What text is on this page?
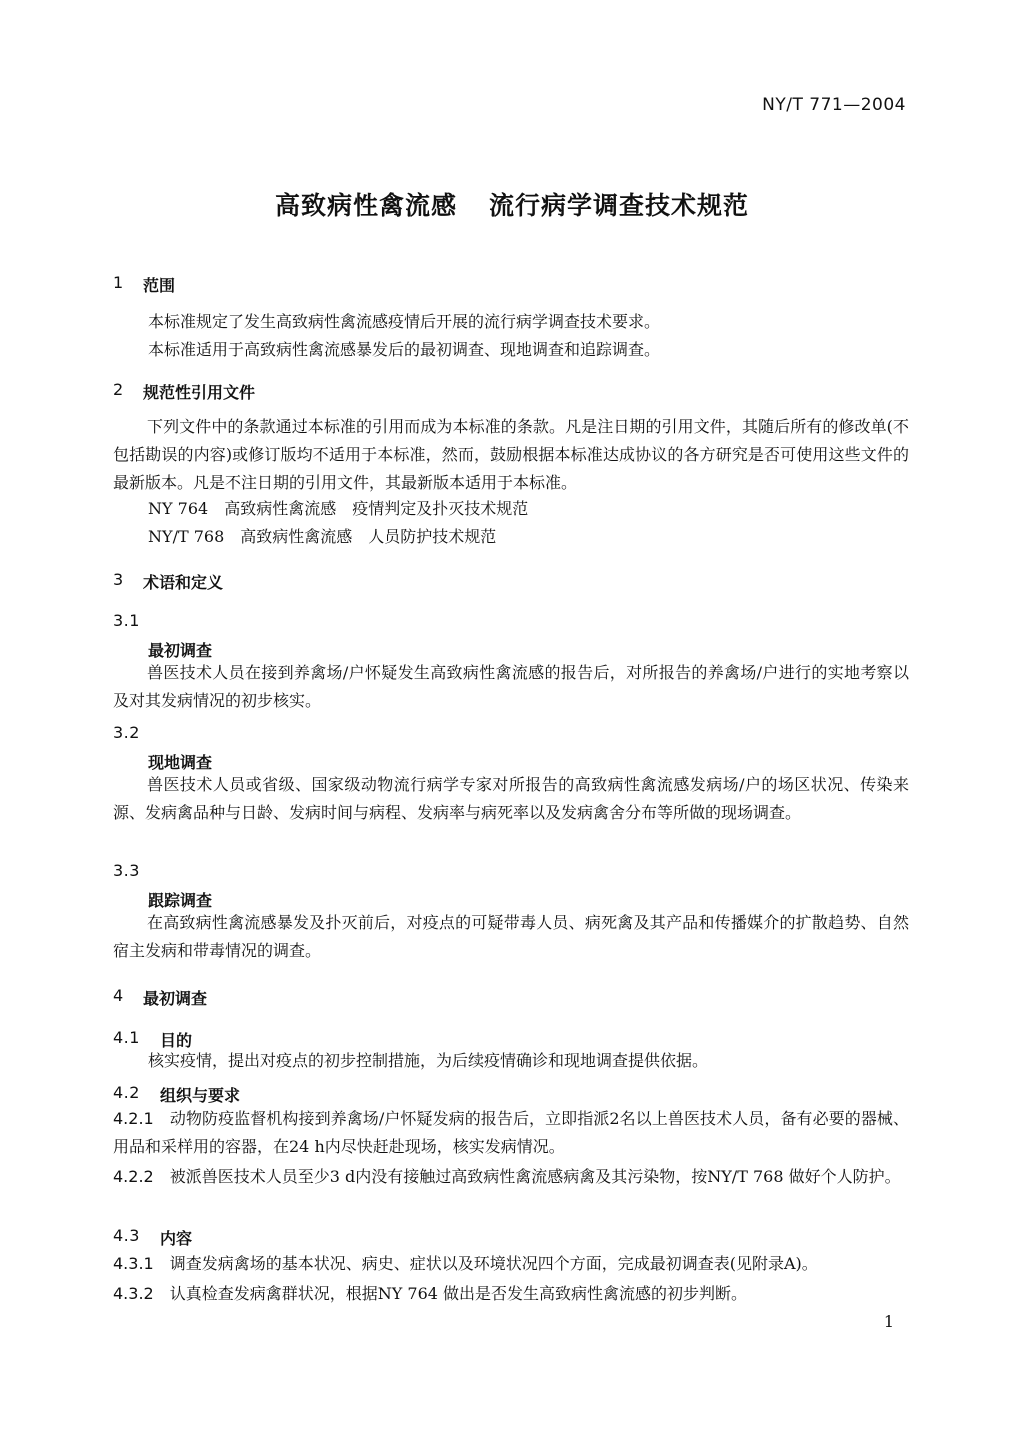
NY/T 771—2004
高致病性禽流感 流行病学调查技术规范
1 范围
本标准规定了发生高致病性禽流感疫情后开展的流行病学调查技术要求。
本标准适用于高致病性禽流感暴发后的最初调查、现地调查和追踪调查。
2 规范性引用文件
下列文件中的条款通过本标准的引用而成为本标准的条款。凡是注日期的引用文件，其随后所有的修改单(不包括勘误的内容)或修订版均不适用于本标准，然而，鼓励根据本标准达成协议的各方研究是否可使用这些文件的最新版本。凡是不注日期的引用文件，其最新版本适用于本标准。
NY 764　高致病性禽流感　疫情判定及扑灭技术规范
NY/T 768　高致病性禽流感　人员防护技术规范
3 术语和定义
3.1
最初调查
兽医技术人员在接到养禽场/户怀疑发生高致病性禽流感的报告后，对所报告的养禽场/户进行的实地考察以及对其发病情况的初步核实。
3.2
现地调查
兽医技术人员或省级、国家级动物流行病学专家对所报告的高致病性禽流感发病场/户的场区状况、传染来源、发病禽品种与日龄、发病时间与病程、发病率与病死率以及发病禽舍分布等所做的现场调查。
3.3
跟踪调查
在高致病性禽流感暴发及扑灭前后，对疫点的可疑带毒人员、病死禽及其产品和传播媒介的扩散趋势、自然宿主发病和带毒情况的调查。
4 最初调查
4.1 目的
核实疫情，提出对疫点的初步控制措施，为后续疫情确诊和现地调查提供依据。
4.2 组织与要求
4.2.1　 动物防疫监督机构接到养禽场/户怀疑发病的报告后，立即指派2名以上兽医技术人员，备有必要的器械、用品和采样用的容器，在24 h内尽快赶赴现场，核实发病情况。
4.2.2　 被派兽医技术人员至少3 d内没有接触过高致病性禽流感病禽及其污染物，按NY/T 768 做好个人防护。
4.3 内容
4.3.1　 调查发病禽场的基本状况、病史、症状以及环境状况四个方面，完成最初调查表(见附录A)。
4.3.2　 认真检查发病禽群状况，根据NY 764 做出是否发生高致病性禽流感的初步判断。
1
